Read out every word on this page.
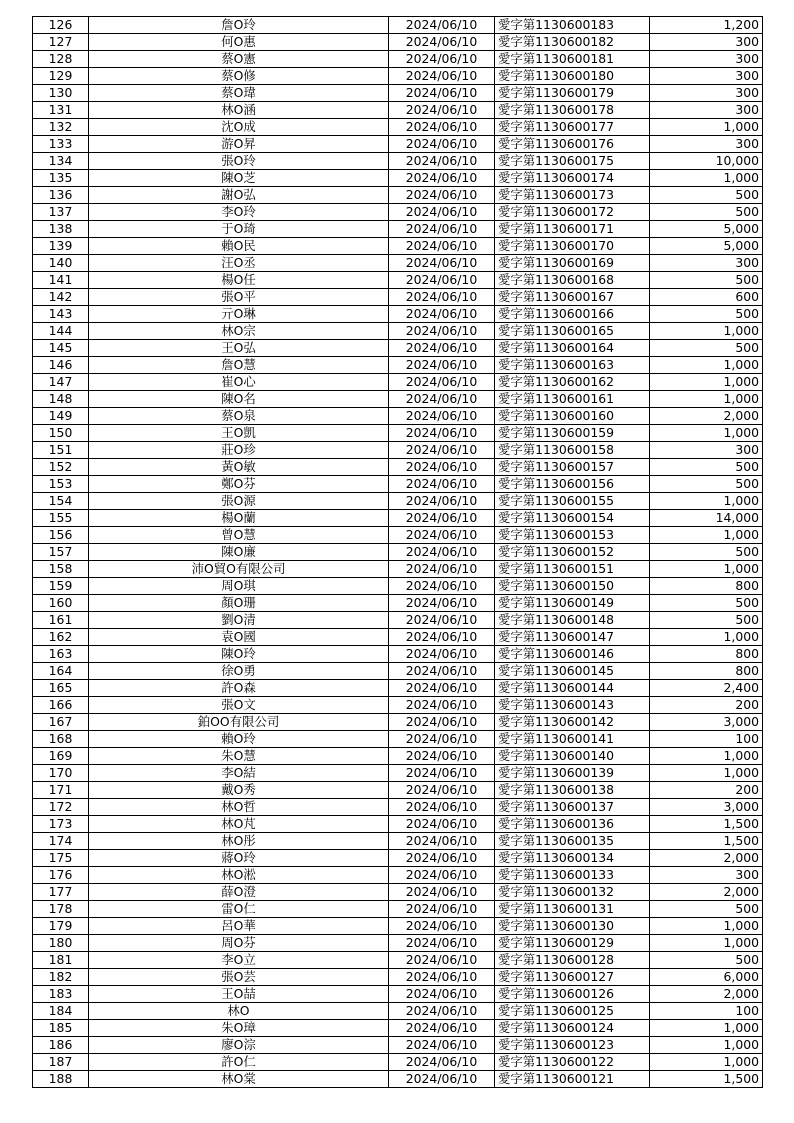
126	詹O玲	2024/06/10	愛字第1130600183	1,200
127	何O惠	2024/06/10	愛字第1130600182	300
128	蔡O憲	2024/06/10	愛字第1130600181	300
129	蔡O修	2024/06/10	愛字第1130600180	300
130	蔡O瑋	2024/06/10	愛字第1130600179	300
131	林O涵	2024/06/10	愛字第1130600178	300
132	沈O成	2024/06/10	愛字第1130600177	1,000
133	游O昇	2024/06/10	愛字第1130600176	300
134	張O玲	2024/06/10	愛字第1130600175	10,000
135	陳O芝	2024/06/10	愛字第1130600174	1,000
136	謝O弘	2024/06/10	愛字第1130600173	500
137	李O玲	2024/06/10	愛字第1130600172	500
138	于O琦	2024/06/10	愛字第1130600171	5,000
139	賴O民	2024/06/10	愛字第1130600170	5,000
140	汪O丞	2024/06/10	愛字第1130600169	300
141	楊O任	2024/06/10	愛字第1130600168	500
142	張O平	2024/06/10	愛字第1130600167	600
143	亓O琳	2024/06/10	愛字第1130600166	500
144	林O宗	2024/06/10	愛字第1130600165	1,000
145	王O弘	2024/06/10	愛字第1130600164	500
146	詹O慧	2024/06/10	愛字第1130600163	1,000
147	崔O心	2024/06/10	愛字第1130600162	1,000
148	陳O名	2024/06/10	愛字第1130600161	1,000
149	蔡O泉	2024/06/10	愛字第1130600160	2,000
150	王O凱	2024/06/10	愛字第1130600159	1,000
151	莊O珍	2024/06/10	愛字第1130600158	300
152	黃O敏	2024/06/10	愛字第1130600157	500
153	鄭O芬	2024/06/10	愛字第1130600156	500
154	張O源	2024/06/10	愛字第1130600155	1,000
155	楊O蘭	2024/06/10	愛字第1130600154	14,000
156	曾O慧	2024/06/10	愛字第1130600153	1,000
157	陳O廉	2024/06/10	愛字第1130600152	500
158	沛O貿O有限公司	2024/06/10	愛字第1130600151	1,000
159	周O琪	2024/06/10	愛字第1130600150	800
160	顏O珊	2024/06/10	愛字第1130600149	500
161	劉O清	2024/06/10	愛字第1130600148	500
162	袁O國	2024/06/10	愛字第1130600147	1,000
163	陳O玲	2024/06/10	愛字第1130600146	800
164	徐O勇	2024/06/10	愛字第1130600145	800
165	許O森	2024/06/10	愛字第1130600144	2,400
166	張O文	2024/06/10	愛字第1130600143	200
167	鉑OO有限公司	2024/06/10	愛字第1130600142	3,000
168	賴O玲	2024/06/10	愛字第1130600141	100
169	朱O慧	2024/06/10	愛字第1130600140	1,000
170	李O結	2024/06/10	愛字第1130600139	1,000
171	戴O秀	2024/06/10	愛字第1130600138	200
172	林O哲	2024/06/10	愛字第1130600137	3,000
173	林O芃	2024/06/10	愛字第1130600136	1,500
174	林O彤	2024/06/10	愛字第1130600135	1,500
175	蔣O玲	2024/06/10	愛字第1130600134	2,000
176	林O淞	2024/06/10	愛字第1130600133	300
177	薛O澄	2024/06/10	愛字第1130600132	2,000
178	雷O仁	2024/06/10	愛字第1130600131	500
179	呂O華	2024/06/10	愛字第1130600130	1,000
180	周O芬	2024/06/10	愛字第1130600129	1,000
181	李O立	2024/06/10	愛字第1130600128	500
182	張O芸	2024/06/10	愛字第1130600127	6,000
183	王O喆	2024/06/10	愛字第1130600126	2,000
184	林O	2024/06/10	愛字第1130600125	100
185	朱O璋	2024/06/10	愛字第1130600124	1,000
186	廖O淙	2024/06/10	愛字第1130600123	1,000
187	許O仁	2024/06/10	愛字第1130600122	1,000
188	林O棠	2024/06/10	愛字第1130600121	1,500
